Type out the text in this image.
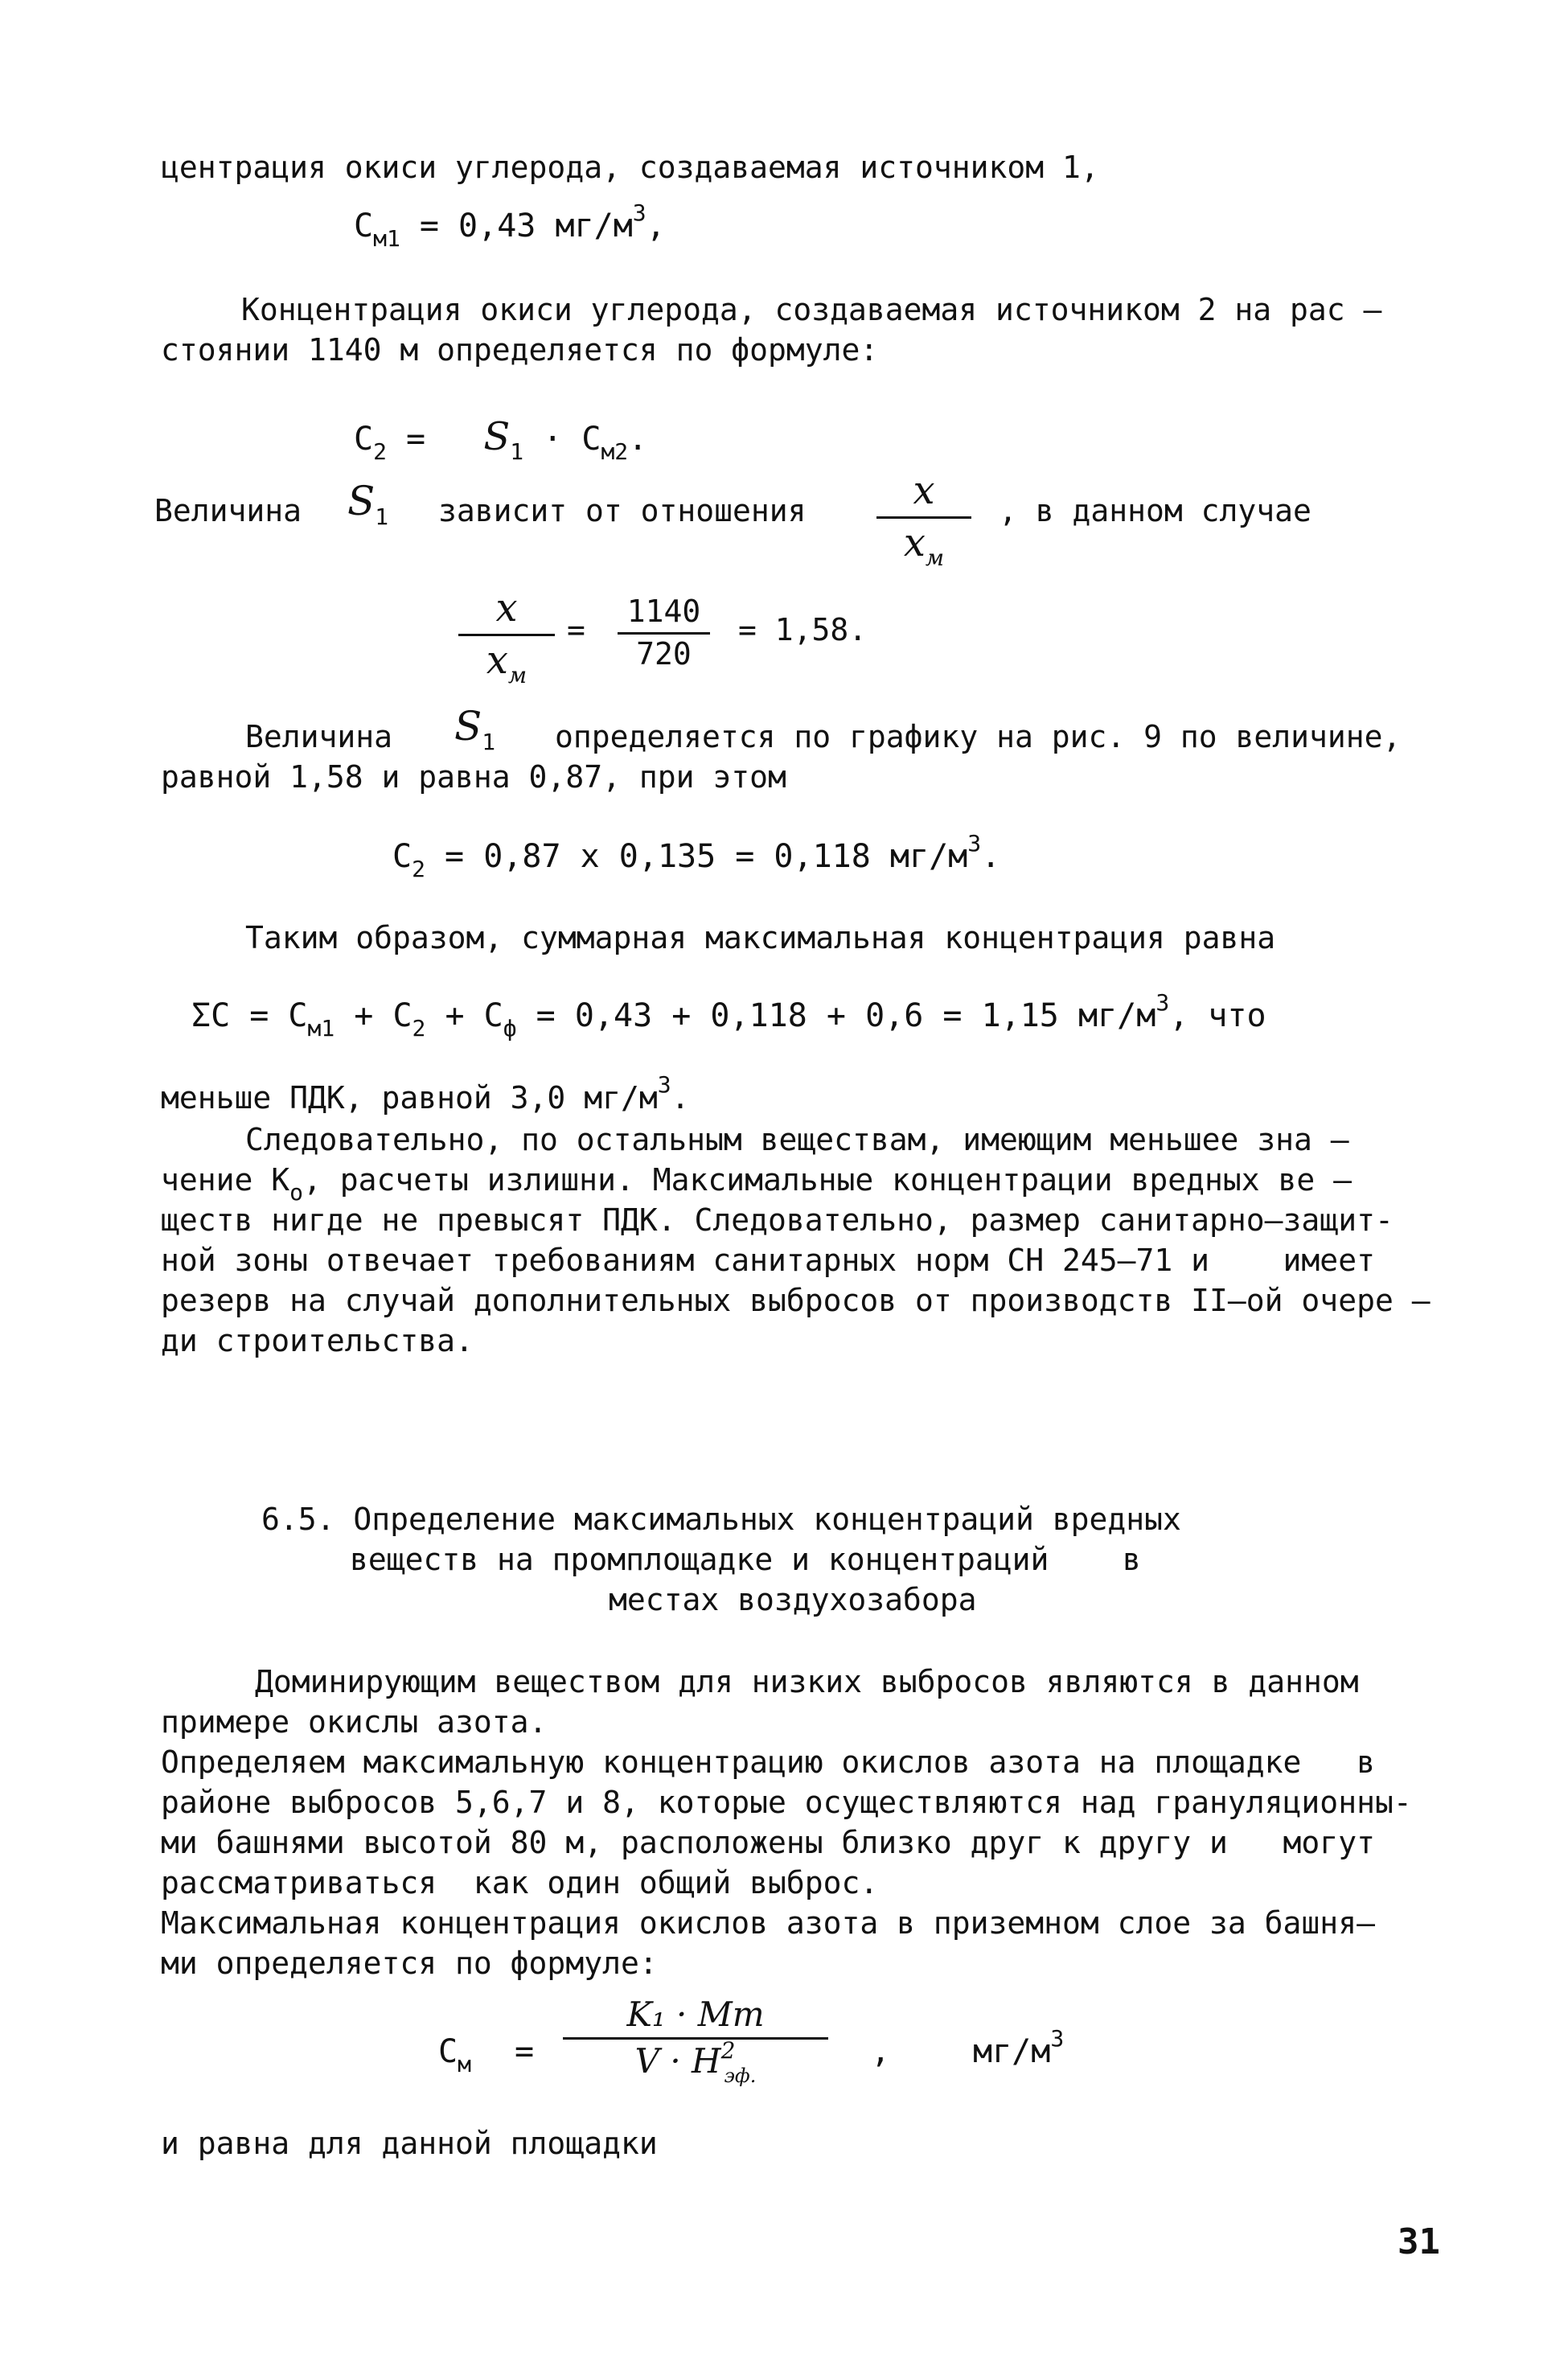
центрация окиси углерода, создаваемая источником 1,
$С_{м1} = 0,43$ $мг/м^3$,
Концентрация окиси углерода, создаваемая источником 2 на рас –
стоянии 1140 м определяется по формуле:
$С_2 = S_1 \cdot С_{м2}$.
Величина $S_1$ зависит от отношения	x
$x_м$
, в данном случае
x
$x_м$
= $\frac{1140}{720} = 1,58$.
Величина $S_1$ определяется по графику на рис. 9 по величине,
равной 1,58 и равна 0,87, при этом
$С_2 = 0,87$ х 0,135 = 0,118 $мг/м^3$.
Таким образом, суммарная максимальная концентрация равна
$\Sigma С = С_{м1} + С_2 + С_ф = 0,43 + 0,118 + 0,6 = 1,15$ $мг/м^3$, что
меньше ПДК, равной 3,0 $мг/м^3$.
Следовательно, по остальным веществам, имеющим меньшее зна –
чение $К_о$, расчеты излишни. Максимальные концентрации вредных ве –
ществ нигде не превысят ПДК. Следовательно, размер санитарно–защит-
ной зоны отвечает требованиям санитарных норм СН 245–71 и    имеет
резерв на случай дополнительных выбросов от производств II–ой очере –
ди строительства.
6.5. Определение максимальных концентраций вредных
веществ на промплощадке и концентраций    в
местах воздухозабора
Доминирующим веществом для низких выбросов являются в данном
примере окислы азота.
Определяем максимальную концентрацию окислов азота на площадке   в
районе выбросов 5,6,7 и 8, которые осуществляются над грануляционны-
ми башнями высотой 80 м, расположены близко друг к другу и   могут
рассматриваться  как один общий выброс.
Максимальная концентрация окислов азота в приземном слое за башня–
ми определяется по формуле:
$С_м$ =
K₁ · Mт
$V \cdot H^2_{эф.}$
,	$мг/м^3$
и равна для данной площадки
31
